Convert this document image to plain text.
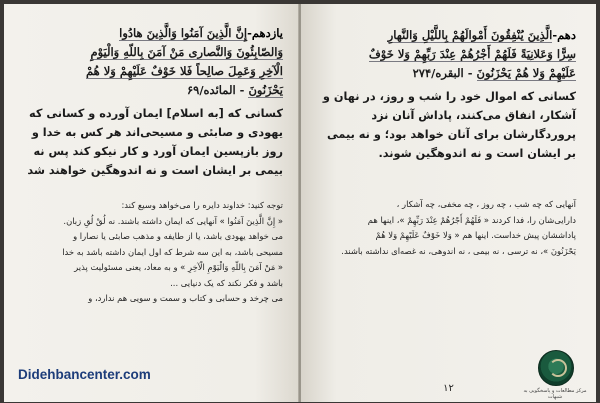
یازدهم-إِنَّ الَّذِینَ آمَنُوا وَالَّذِینَ هادُوا
وَالصّابِئُونَ وَالنَّصاری مَنْ آمَنَ بِاللّهِ وَالْیَوْمِ
الْآخِرِ وَعَمِلَ صالِحاً فَلا خَوْفٌ عَلَیْهِمْ وَلا هُمْ
یَحْزَنُونَ - المائده/۶۹
کسانی که [به اسلام] ایمان آورده و کسانی که
یهودی و صابئی و مسیحی‌اند هر کس به خدا و
روز بازپسین ایمان آورد و کار نیکو کند پس نه
بیمی بر ایشان است و نه اندوهگین خواهند شد

توجه کنید: خداوند دایره را می‌خواهد وسیع کند:

« إِنَّ الَّذِینَ آمَنُوا » آنهایی که ایمان داشته باشند. نه لُقْ لُقِ زبان.

می خواهد یهودی باشد، یا از طایفه و مذهب صابئی یا نصارا و

مسیحی باشد، به این سه شرط که اول ایمان داشته باشد به خدا

« مَنْ آمَنَ بِاللّهِ وَالْیَوْمِ الْآخِرِ » و به معاد، یعنی مسئولیت پذیر

باشد و فکر نکند که یک دنیایی ...

می چرخد و حسابی و کتاب و سمت و سویی هم ندارد، و

Didehbancenter.com
دهم-الَّذِینَ یُنْفِقُونَ أَمْوالَهُمْ بِاللَّیْلِ وَالنَّهارِ
سِرًّا وَعَلانِیَةً فَلَهُمْ أَجْرُهُمْ عِنْدَ رَبِّهِمْ وَلا خَوْفٌ
عَلَیْهِمْ وَلا هُمْ یَحْزَنُونَ - البقره/۲۷۴
کسانی که اموال خود را شب و روز، در نهان و
آشکار، انفاق می‌کنند، پاداش آنان نزد
پروردگارشان برای آنان خواهد بود؛ و نه بیمی
بر ایشان است و نه اندوهگین شوند.

آنهایی که چه شب ، چه روز ، چه مخفی، چه آشکار ،

دارایی‌شان را، فدا کردند « فَلَهُمْ أَجْرُهُمْ عِنْدَ رَبِّهِمْ »، اینها هم

پاداششان پیش خداست. اینها هم « وَلا خَوْفٌ عَلَیْهِمْ وَلا هُمْ

یَحْزَنُونَ »، نه ترسی ، نه بیمی ، نه اندوهی، نه غصه‌ای نداشته باشند.

۱۲	مرکز مطالعات و پاسخگویی به شبهات
